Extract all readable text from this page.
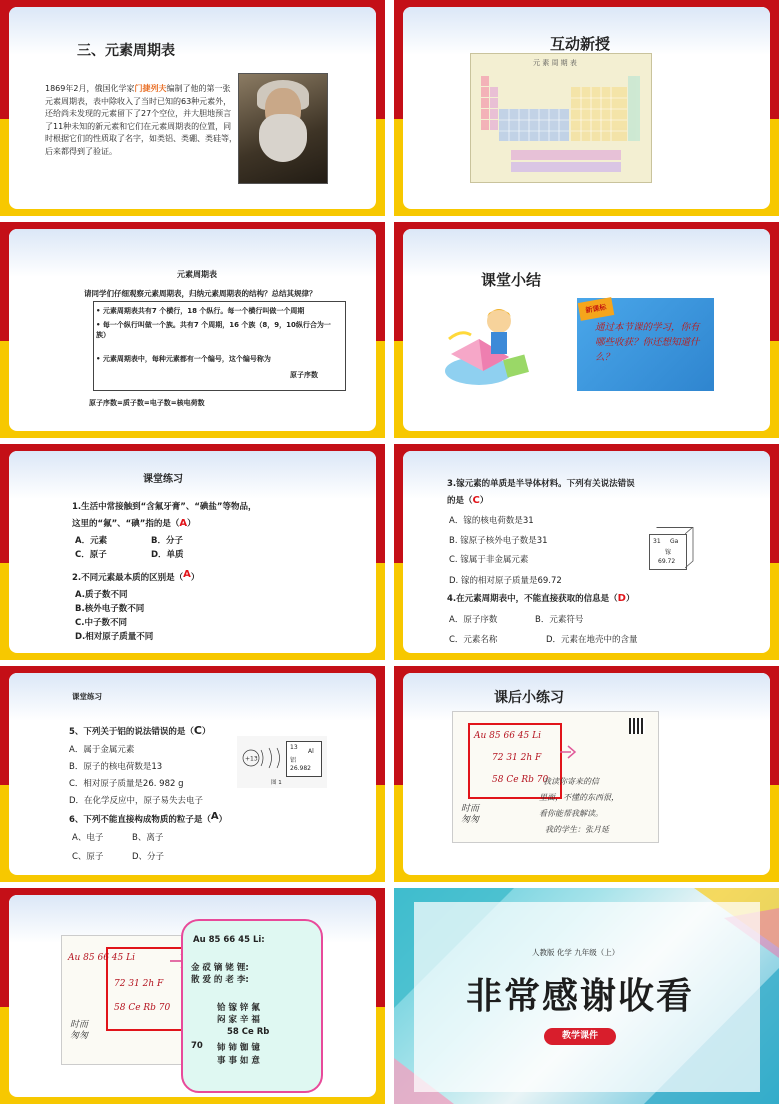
三、元素周期表
1869年2月，俄国化学家门捷列夫编制了他的第一张元素周期表，表中除收入了当时已知的63种元素外，还给尚未发现的元素留下了27个空位，并大胆地预言了11种未知的新元素和它们在元素周期表的位置，同时根据它们的性质取了名字，如类铝、类硼、类硅等，后来都得到了验证。
互动新授
元 素 周 期 表
元素周期表
请同学们仔细观察元素周期表，归纳元素周期表的结构？总结其规律？
• 元素周期表共有7 个横行，18 个纵行。每一个横行叫做一个周期
• 每一个纵行叫做一个族。共有7 个周期，16 个族（8，9，10纵行合为一族）
• 元素周期表中，每种元素都有一个编号，这个编号称为
原子序数
原子序数=质子数=电子数=核电荷数
课堂小结
新课标
通过本节课的学习，你有哪些收获？你还想知道什么？
课堂练习
1.生活中常接触到“含氟牙膏”、“碘盐”等物品，
这里的“氟”、“碘”指的是（A）
A．元素	B．分子
C．原子	D．单质
2.不同元素最本质的区别是（A）
A.质子数不同
B.核外电子数不同
C.中子数不同
D.相对原子质量不同
3.镓元素的单质是半导体材料。下列有关说法错误
的是（C）
A．镓的核电荷数是31
B. 镓原子核外电子数是31
C. 镓属于非金属元素
D. 镓的相对原子质量是69.72
31 Ga
镓
69.72
4.在元素周期表中，不能直接获取的信息是（D）
A．原子序数	B．元素符号
C．元素名称	D．元素在地壳中的含量
课堂练习
5、下列关于铝的说法错误的是（C）
A．属于金属元素
B．原子的核电荷数是13
C．相对原子质量是26. 982 g
D．在化学反应中，原子易失去电子
+13
13
Al
铝
26.982
图 1
6、下列不能直接构成物质的粒子是（A）
A、电子	B、离子
C、原子	D、分子
课后小练习
Au 85 66 45 Li
72 31 2h F
58 Ce Rb 70
我读你寄来的信
里面，不懂的东西很，
看你能帮我解读。
我的学生：张月延
时而匆匆
Au 85 66 45 Li
72 31 2h F
58 Ce Rb 70
时而匆匆
Au 85 66 45 Li:
金 砹 镝 铑 锂:
散 爱 的 老 李:
铪 镓 锌 氟
闷 家 辛 福
58 Ce Rb
70 铈 铈 铷 镱
事 事 如 意
人教版 化学 九年级（上）
非常感谢收看
教学课件
